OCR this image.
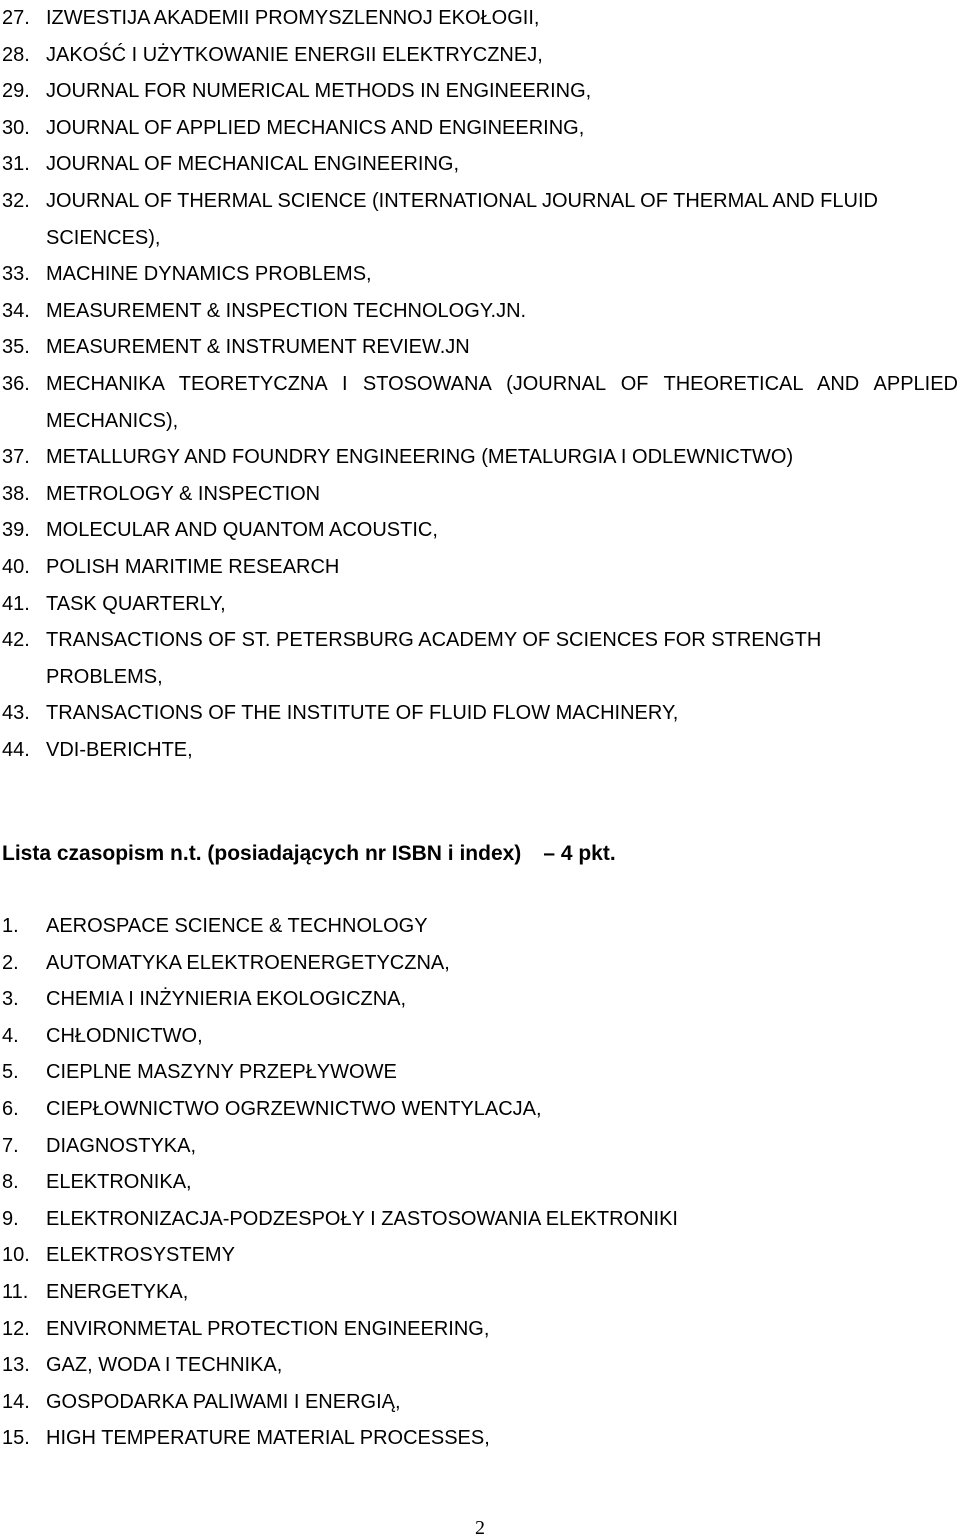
27. IZWESTIJA AKADEMII PROMYSZLENNOJ EKOŁOGII,
28. JAKOŚĆ I UŻYTKOWANIE ENERGII ELEKTRYCZNEJ,
29. JOURNAL FOR NUMERICAL METHODS IN ENGINEERING,
30. JOURNAL OF APPLIED MECHANICS AND ENGINEERING,
31. JOURNAL OF MECHANICAL ENGINEERING,
32. JOURNAL OF THERMAL SCIENCE (INTERNATIONAL JOURNAL OF THERMAL AND FLUID SCIENCES),
33. MACHINE DYNAMICS PROBLEMS,
34. MEASUREMENT & INSPECTION TECHNOLOGY.JN.
35. MEASUREMENT & INSTRUMENT REVIEW.JN
36. MECHANIKA TEORETYCZNA I STOSOWANA (JOURNAL OF THEORETICAL AND APPLIED MECHANICS),
37. METALLURGY AND FOUNDRY ENGINEERING (METALURGIA I ODLEWNICTWO)
38. METROLOGY & INSPECTION
39. MOLECULAR AND QUANTOM ACOUSTIC,
40. POLISH MARITIME RESEARCH
41. TASK QUARTERLY,
42. TRANSACTIONS OF ST. PETERSBURG ACADEMY OF SCIENCES FOR STRENGTH PROBLEMS,
43. TRANSACTIONS OF THE INSTITUTE OF FLUID FLOW MACHINERY,
44. VDI-BERICHTE,
Lista czasopism n.t. (posiadających nr ISBN i index) – 4 pkt.
1.	AEROSPACE SCIENCE & TECHNOLOGY
2.	AUTOMATYKA ELEKTROENERGETYCZNA,
3.	CHEMIA I INŻYNIERIA EKOLOGICZNA,
4.	CHŁODNICTWO,
5.	CIEPLNE MASZYNY PRZEPŁYWOWE
6.	CIEPŁOWNICTWO OGRZEWNICTWO WENTYLACJA,
7.	DIAGNOSTYKA,
8.	ELEKTRONIKA,
9.	ELEKTRONIZACJA-PODZESPOŁY I ZASTOSOWANIA ELEKTRONIKI
10. ELEKTROSYSTEMY
11. ENERGETYKA,
12. ENVIRONMETAL PROTECTION ENGINEERING,
13. GAZ, WODA I TECHNIKA,
14. GOSPODARKA PALIWAMI I ENERGIĄ,
15. HIGH TEMPERATURE MATERIAL PROCESSES,
2
